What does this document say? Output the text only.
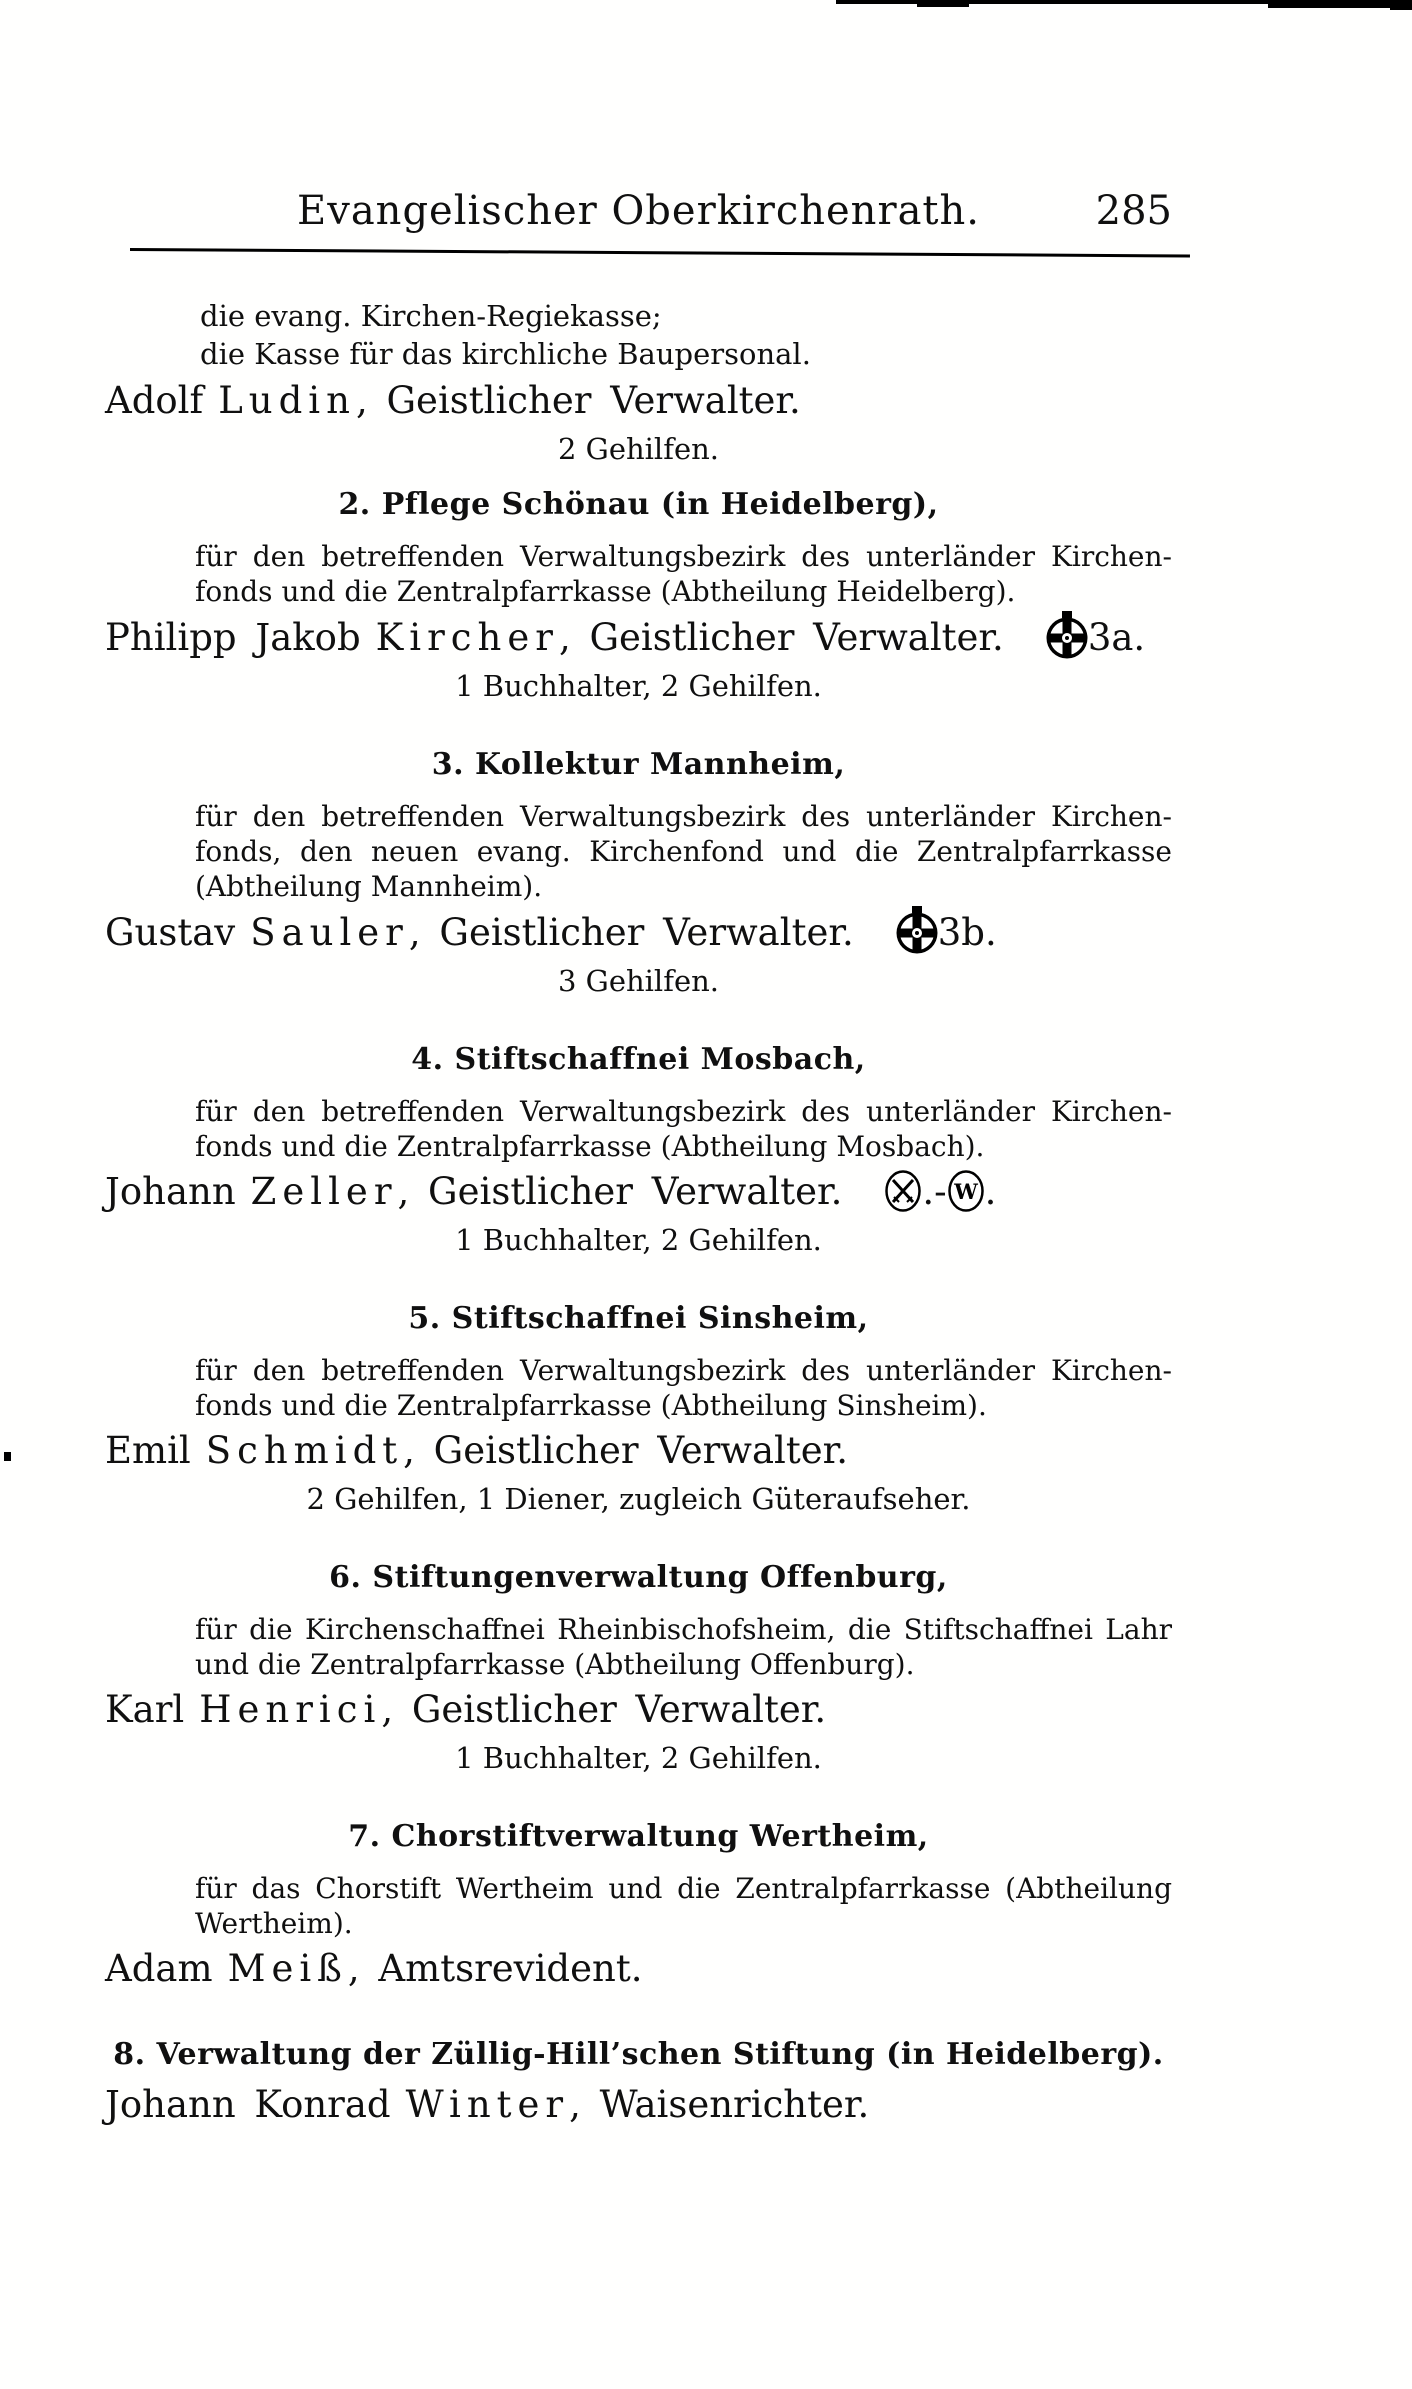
Evangelischer Oberkirchenrath.	285
die evang. Kirchen-Regiekasse;
die Kasse für das kirchliche Baupersonal.
Adolf Ludin, Geistlicher Verwalter.
2 Gehilfen.
2. Pflege Schönau (in Heidelberg),
für den betreffenden Verwaltungsbezirk des unterländer Kirchen-
fonds und die Zentralpfarrkasse (Abtheilung Heidelberg).
Philipp Jakob Kircher, Geistlicher Verwalter. 3a.
1 Buchhalter, 2 Gehilfen.
3. Kollektur Mannheim,
für den betreffenden Verwaltungsbezirk des unterländer Kirchen-
fonds, den neuen evang. Kirchenfond und die Zentralpfarrkasse
(Abtheilung Mannheim).
Gustav Sauler, Geistlicher Verwalter. 3b.
3 Gehilfen.
4. Stiftschaffnei Mosbach,
für den betreffenden Verwaltungsbezirk des unterländer Kirchen-
fonds und die Zentralpfarrkasse (Abtheilung Mosbach).
Johann Zeller, Geistlicher Verwalter. .- W .
1 Buchhalter, 2 Gehilfen.
5. Stiftschaffnei Sinsheim,
für den betreffenden Verwaltungsbezirk des unterländer Kirchen-
fonds und die Zentralpfarrkasse (Abtheilung Sinsheim).
Emil Schmidt, Geistlicher Verwalter.
2 Gehilfen, 1 Diener, zugleich Güteraufseher.
6. Stiftungenverwaltung Offenburg,
für die Kirchenschaffnei Rheinbischofsheim, die Stiftschaffnei Lahr
und die Zentralpfarrkasse (Abtheilung Offenburg).
Karl Henrici, Geistlicher Verwalter.
1 Buchhalter, 2 Gehilfen.
7. Chorstiftverwaltung Wertheim,
für das Chorstift Wertheim und die Zentralpfarrkasse (Abtheilung
Wertheim).
Adam Meiß, Amtsrevident.
8. Verwaltung der Züllig-Hill’schen Stiftung (in Heidelberg).
Johann Konrad Winter, Waisenrichter.
